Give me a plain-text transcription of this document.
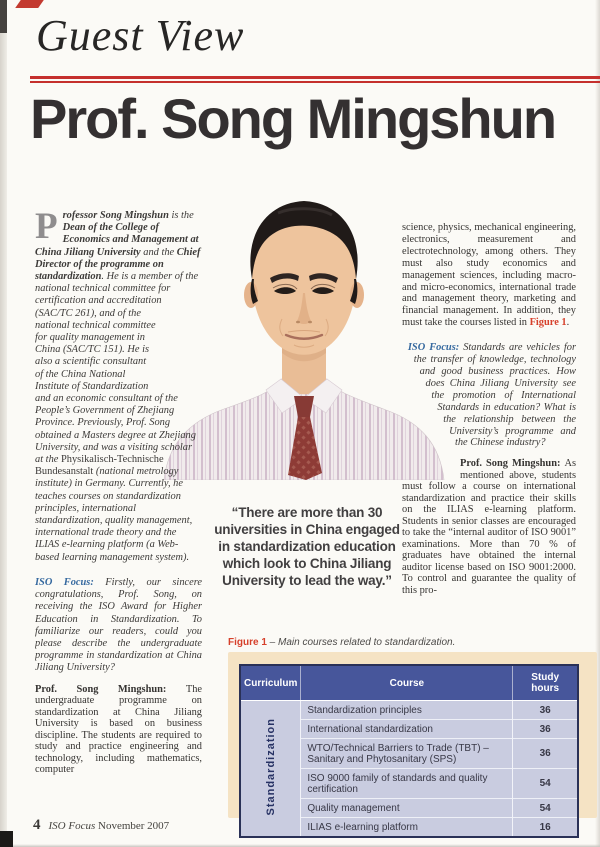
Guest View
Prof. Song Mingshun

Professor Song Mingshun is the Dean of the College of Economics and Management at China Jiliang University and the Chief Director of the programme on standardization
. He is a member of the national technical committee for certification and accreditation (SAC/TC 261), and of the national technical committee for quality management in China (SAC/TC 151). He is also a scientific consultant of the China National Institute of Standardization and an economic consultant of the People’s Government of Zhejiang Province. Previously, Prof. Song obtained a Masters degree at Zhejiang University, and was a visiting scholar at the Physikalisch-Technische Bundesanstalt (national metrology institute) in Germany. Currently, he teaches courses on standardization principles, international standardization, quality management, international trade theory and the ILIAS e-learning platform (a Web-based learning management system).

ISO Focus: Firstly, our sincere congratulations, Prof. Song, on receiving the ISO Award for Higher Education in Standardization. To familiarize our readers, could you please describe the undergraduate programme in standardization at China Jiliang University?

Prof. Song Mingshun: The undergraduate programme on standardization at China Jiliang University is based on business discipline. The students are required to study and practice engineering and technology, including mathematics, computer

“There are more than 30 universities in China engaged in standardization education which look to China Jiliang University to lead the way.”

science, physics, mechanical engineering, electronics, measurement and electrotechnology, among others. They must also study economics and management sciences, including macro- and micro-economics, international trade and management theory, marketing and financial management. In addition, they must take the courses listed in Figure 1.

ISO Focus: Standards are vehicles for the transfer of knowledge, technology and good business practices. How does China Jiliang University see the promotion of International Standards in education? What is the relationship between the University’s programme and the Chinese industry?

Prof. Song Mingshun: As mentioned above, students must follow a course on international standardization and practice their skills on the ILIAS e-learning platform. Students in senior classes are encouraged to take the “internal auditor of ISO 9001” examinations. More than 70 % of graduates have obtained the internal auditor license based on ISO 9001:2000. To control and guarantee the quality of this pro-

Figure 1 – Main courses related to standardization.
Curriculum	Course	Study hours
Standardization	Standardization principles	36
	International standardization	36
	WTO/Technical Barriers to Trade (TBT) – Sanitary and Phytosanitary (SPS)	36
	ISO 9000 family of standards and quality certification	54
	Quality management	54
	ILIAS e-learning platform	16
4 ISO Focus November 2007
